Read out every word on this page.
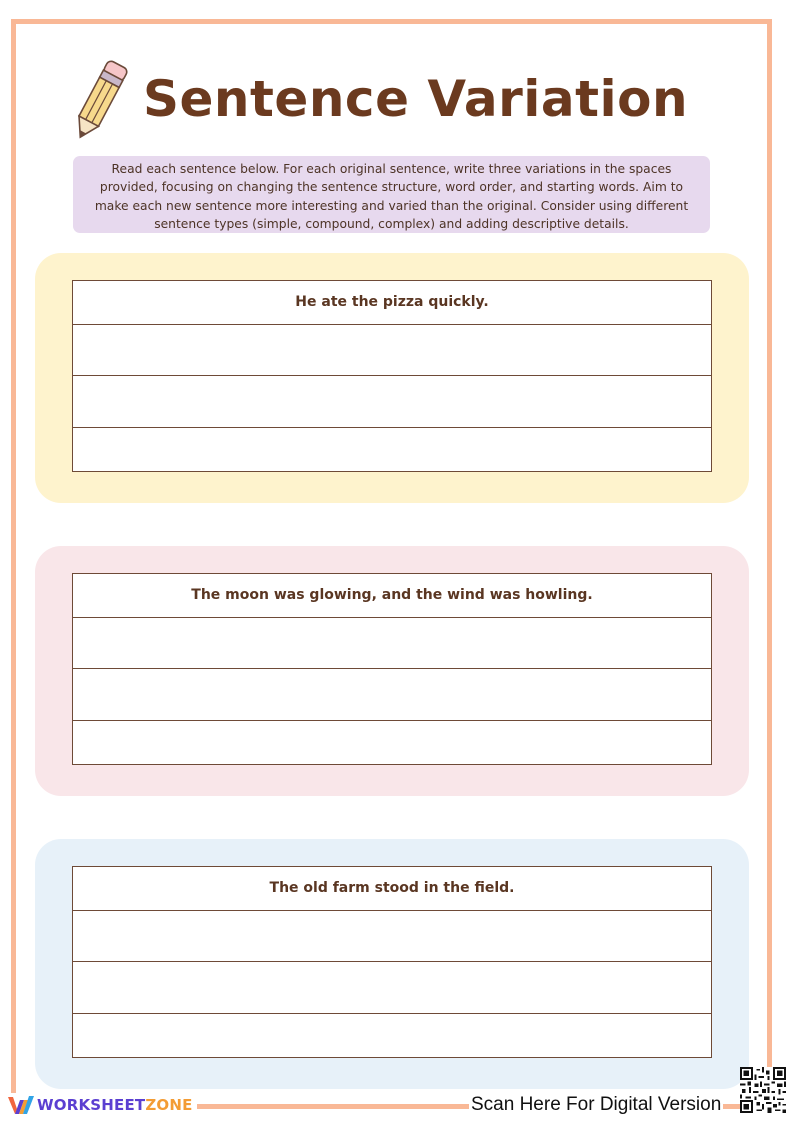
Sentence Variation
Read each sentence below. For each original sentence, write three variations in the spaces provided, focusing on changing the sentence structure, word order, and starting words. Aim to make each new sentence more interesting and varied than the original. Consider using different sentence types (simple, compound, complex) and adding descriptive details.
He ate the pizza quickly.
The moon was glowing, and the wind was howling.
The old farm stood in the field.
WORKSHEET ZONE	Scan Here For Digital Version
